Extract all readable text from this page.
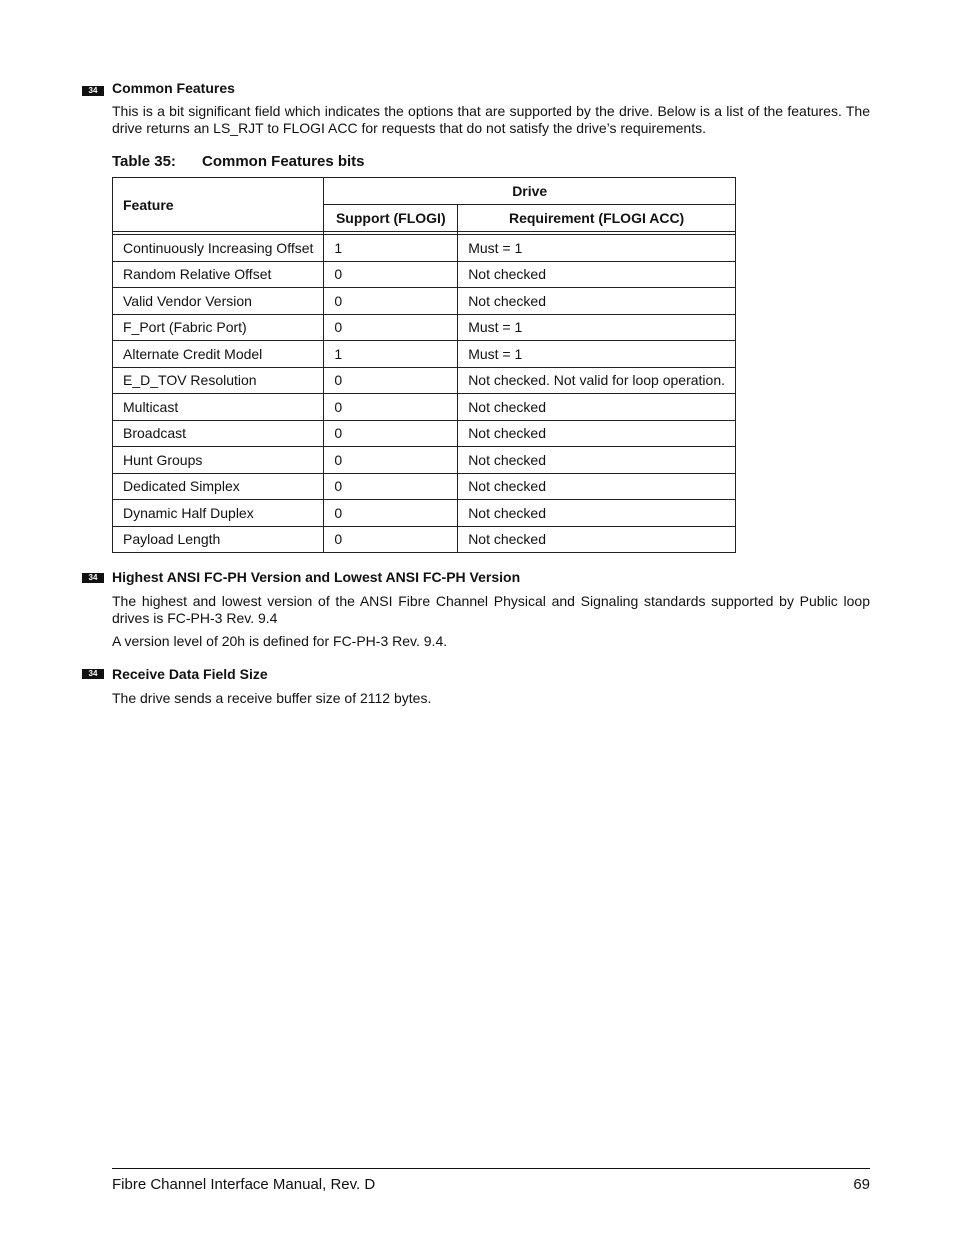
34	Common Features
This is a bit significant field which indicates the options that are supported by the drive. Below is a list of the features. The drive returns an LS_RJT to FLOGI ACC for requests that do not satisfy the drive’s requirements.
Table 35: Common Features bits
Feature	Drive	
	Support (FLOGI)	Requirement (FLOGI ACC)

Continuously Increasing Offset	1	Must = 1
Random Relative Offset	0	Not checked
Valid Vendor Version	0	Not checked
F_Port (Fabric Port)	0	Must = 1
Alternate Credit Model	1	Must = 1
E_D_TOV Resolution	0	Not checked. Not valid for loop operation.
Multicast	0	Not checked
Broadcast	0	Not checked
Hunt Groups	0	Not checked
Dedicated Simplex	0	Not checked
Dynamic Half Duplex	0	Not checked
Payload Length	0	Not checked
34	Highest ANSI FC-PH Version and Lowest ANSI FC-PH Version
The highest and lowest version of the ANSI Fibre Channel Physical and Signaling standards supported by Public loop drives is FC-PH-3 Rev. 9.4
A version level of 20h is defined for FC-PH-3 Rev. 9.4.
34	Receive Data Field Size
The drive sends a receive buffer size of 2112 bytes.
Fibre Channel Interface Manual, Rev. D	69
